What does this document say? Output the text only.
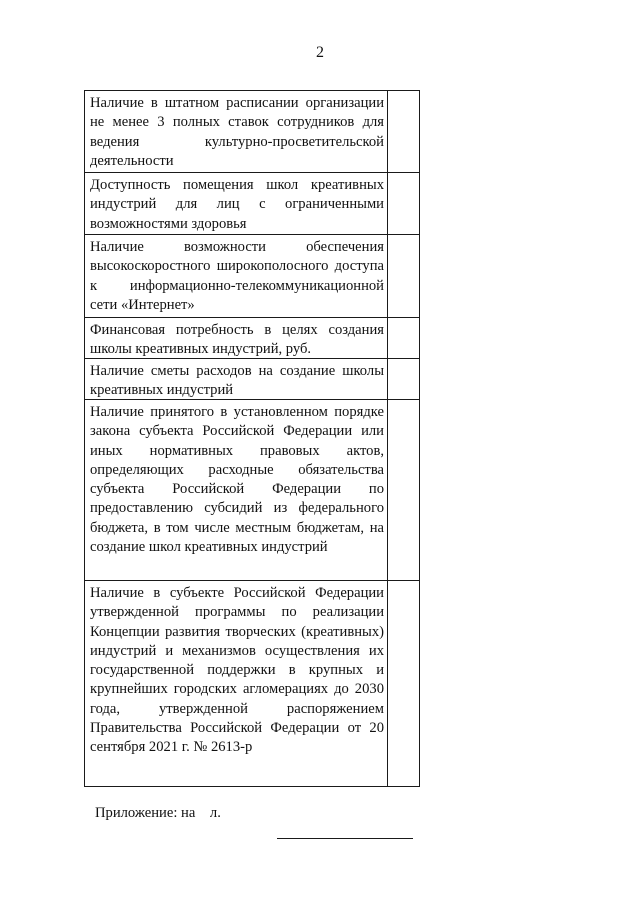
2
Наличие в штатном расписании организации не менее 3 полных ставок сотрудников для ведения культурно-просветительской деятельности
Доступность помещения школ креативных индустрий для лиц с ограниченными возможностями здоровья
Наличие возможности обеспечения высокоскоростного широкополосного доступа к информационно-телекоммуникационной сети «Интернет»
Финансовая потребность в целях создания школы креативных индустрий, руб.
Наличие сметы расходов на создание школы креативных индустрий
Наличие принятого в установленном порядке закона субъекта Российской Федерации или иных нормативных правовых актов, определяющих расходные обязательства субъекта Российской Федерации по предоставлению субсидий из федерального бюджета, в том числе местным бюджетам, на создание школ креативных индустрий
Наличие в субъекте Российской Федерации утвержденной программы по реализации Концепции развития творческих (креативных) индустрий и механизмов осуществления их государственной поддержки в крупных и крупнейших городских агломерациях до 2030 года, утвержденной распоряжением Правительства Российской Федерации от 20 сентября 2021 г. № 2613-р
Приложение: на    л.
